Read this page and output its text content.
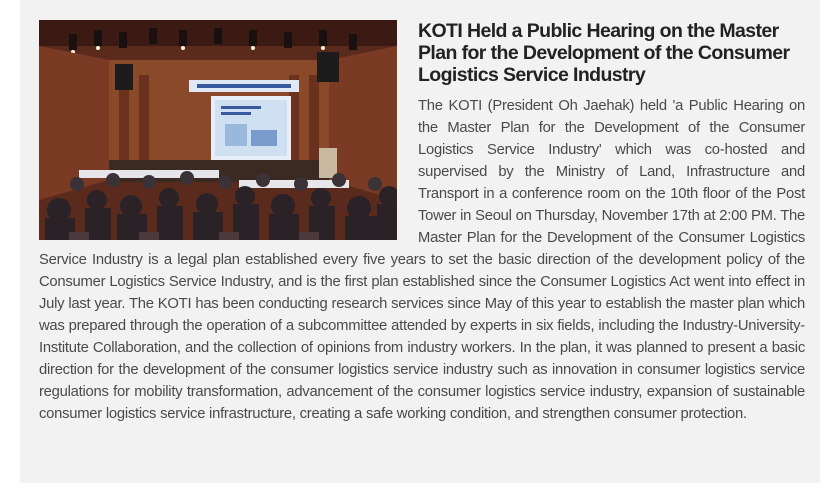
KOTI Held a Public Hearing on the Master Plan for the Development of the Consumer Logistics Service Industry

The KOTI (President Oh Jaehak) held 'a Public Hearing on the Master Plan for the Development of the Consumer Logistics Service Industry' which was co-hosted and supervised by the Ministry of Land, Infrastructure and Transport in a conference room on the 10th floor of the Post Tower in Seoul on Thursday, November 17th at 2:00 PM. The Master Plan for the Development of the Consumer Logistics Service Industry is a legal plan established every five years to set the basic direction of the development policy of the Consumer Logistics Service Industry, and is the first plan established since the Consumer Logistics Act went into effect in July last year. The KOTI has been conducting research services since May of this year to establish the master plan which was prepared through the operation of a subcommittee attended by experts in six fields, including the Industry-University-Institute Collaboration, and the collection of opinions from industry workers. In the plan, it was planned to present a basic direction for the development of the consumer logistics service industry such as innovation in consumer logistics service regulations for mobility transformation, advancement of the consumer logistics service industry, expansion of sustainable consumer logistics service infrastructure, creating a safe working condition, and strengthen consumer protection.
